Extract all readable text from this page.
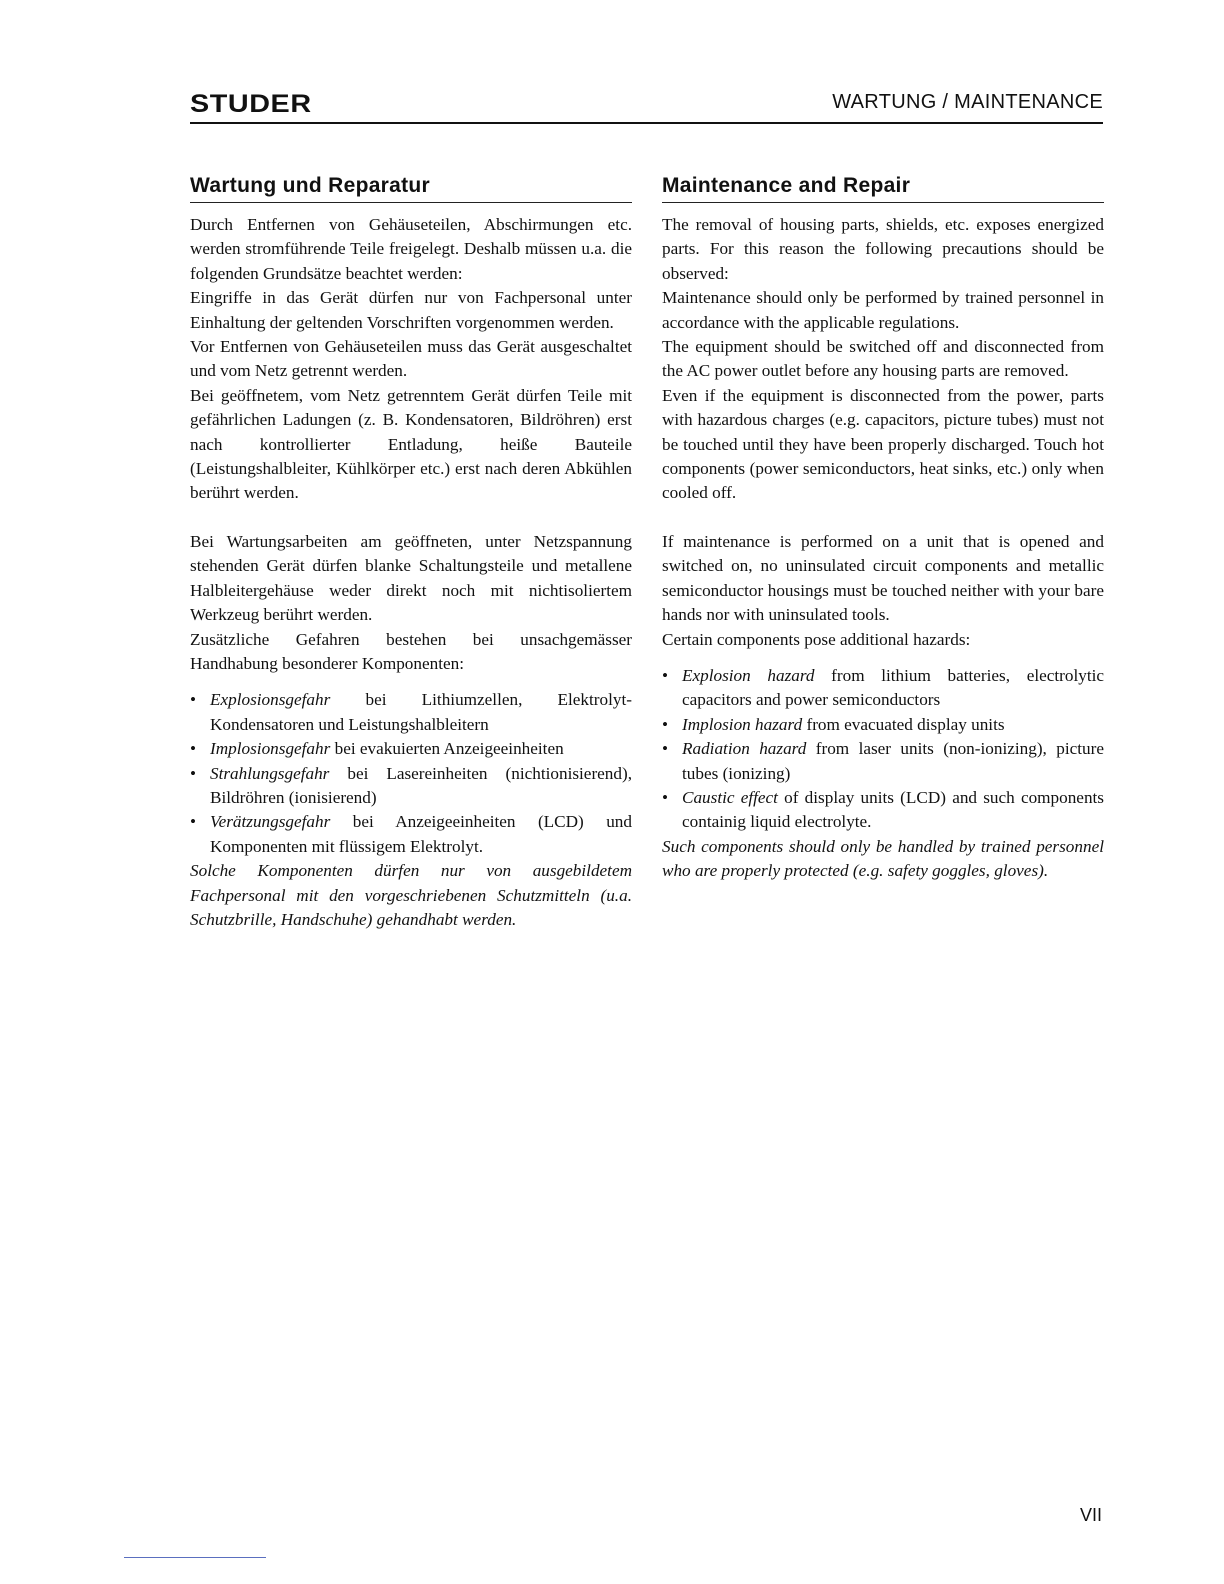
STUDER	WARTUNG / MAINTENANCE
Wartung und Reparatur

Durch Entfernen von Gehäuseteilen, Abschirmungen etc. werden stromführende Teile freigelegt. Deshalb müssen u.a. die folgenden Grundsätze beachtet werden:

Eingriffe in das Gerät dürfen nur von Fachpersonal unter Einhaltung der geltenden Vorschriften vorgenommen werden.

Vor Entfernen von Gehäuseteilen muss das Gerät ausgeschaltet und vom Netz getrennt werden.

Bei geöffnetem, vom Netz getrenntem Gerät dürfen Teile mit gefährlichen Ladungen (z. B. Kondensatoren, Bildröhren) erst nach kontrollierter Entladung, heiße Bauteile (Leistungshalbleiter, Kühlkörper etc.) erst nach deren Abkühlen berührt werden.

Bei Wartungsarbeiten am geöffneten, unter Netzspannung stehenden Gerät dürfen blanke Schaltungsteile und metallene Halbleitergehäuse weder direkt noch mit nichtisoliertem Werkzeug berührt werden.

Zusätzliche Gefahren bestehen bei unsachgemässer Handhabung besonderer Komponenten:

• Explosionsgefahr bei Lithiumzellen, Elektrolyt-Kondensatoren und Leistungshalbleitern
• Implosionsgefahr bei evakuierten Anzeigeeinheiten
• Strahlungsgefahr bei Lasereinheiten (nichtionisierend), Bildröhren (ionisierend)
• Verätzungsgefahr bei Anzeigeeinheiten (LCD) und Komponenten mit flüssigem Elektrolyt.

Solche Komponenten dürfen nur von ausgebildetem Fachpersonal mit den vorgeschriebenen Schutzmitteln (u.a. Schutzbrille, Handschuhe) gehandhabt werden.

Maintenance and Repair

The removal of housing parts, shields, etc. exposes energized parts. For this reason the following precautions should be observed:

Maintenance should only be performed by trained personnel in accordance with the applicable regulations.

The equipment should be switched off and disconnected from the AC power outlet before any housing parts are removed.

Even if the equipment is disconnected from the power, parts with hazardous charges (e.g. capacitors, picture tubes) must not be touched until they have been properly discharged. Touch hot components (power semiconductors, heat sinks, etc.) only when cooled off.

If maintenance is performed on a unit that is opened and switched on, no uninsulated circuit components and metallic semiconductor housings must be touched neither with your bare hands nor with uninsulated tools.

Certain components pose additional hazards:

• Explosion hazard from lithium batteries, electrolytic capacitors and power semiconductors
• Implosion hazard from evacuated display units
• Radiation hazard from laser units (non-ionizing), picture tubes (ionizing)
• Caustic effect of display units (LCD) and such components containig liquid electrolyte.

Such components should only be handled by trained personnel who are properly protected (e.g. safety goggles, gloves).

VII
